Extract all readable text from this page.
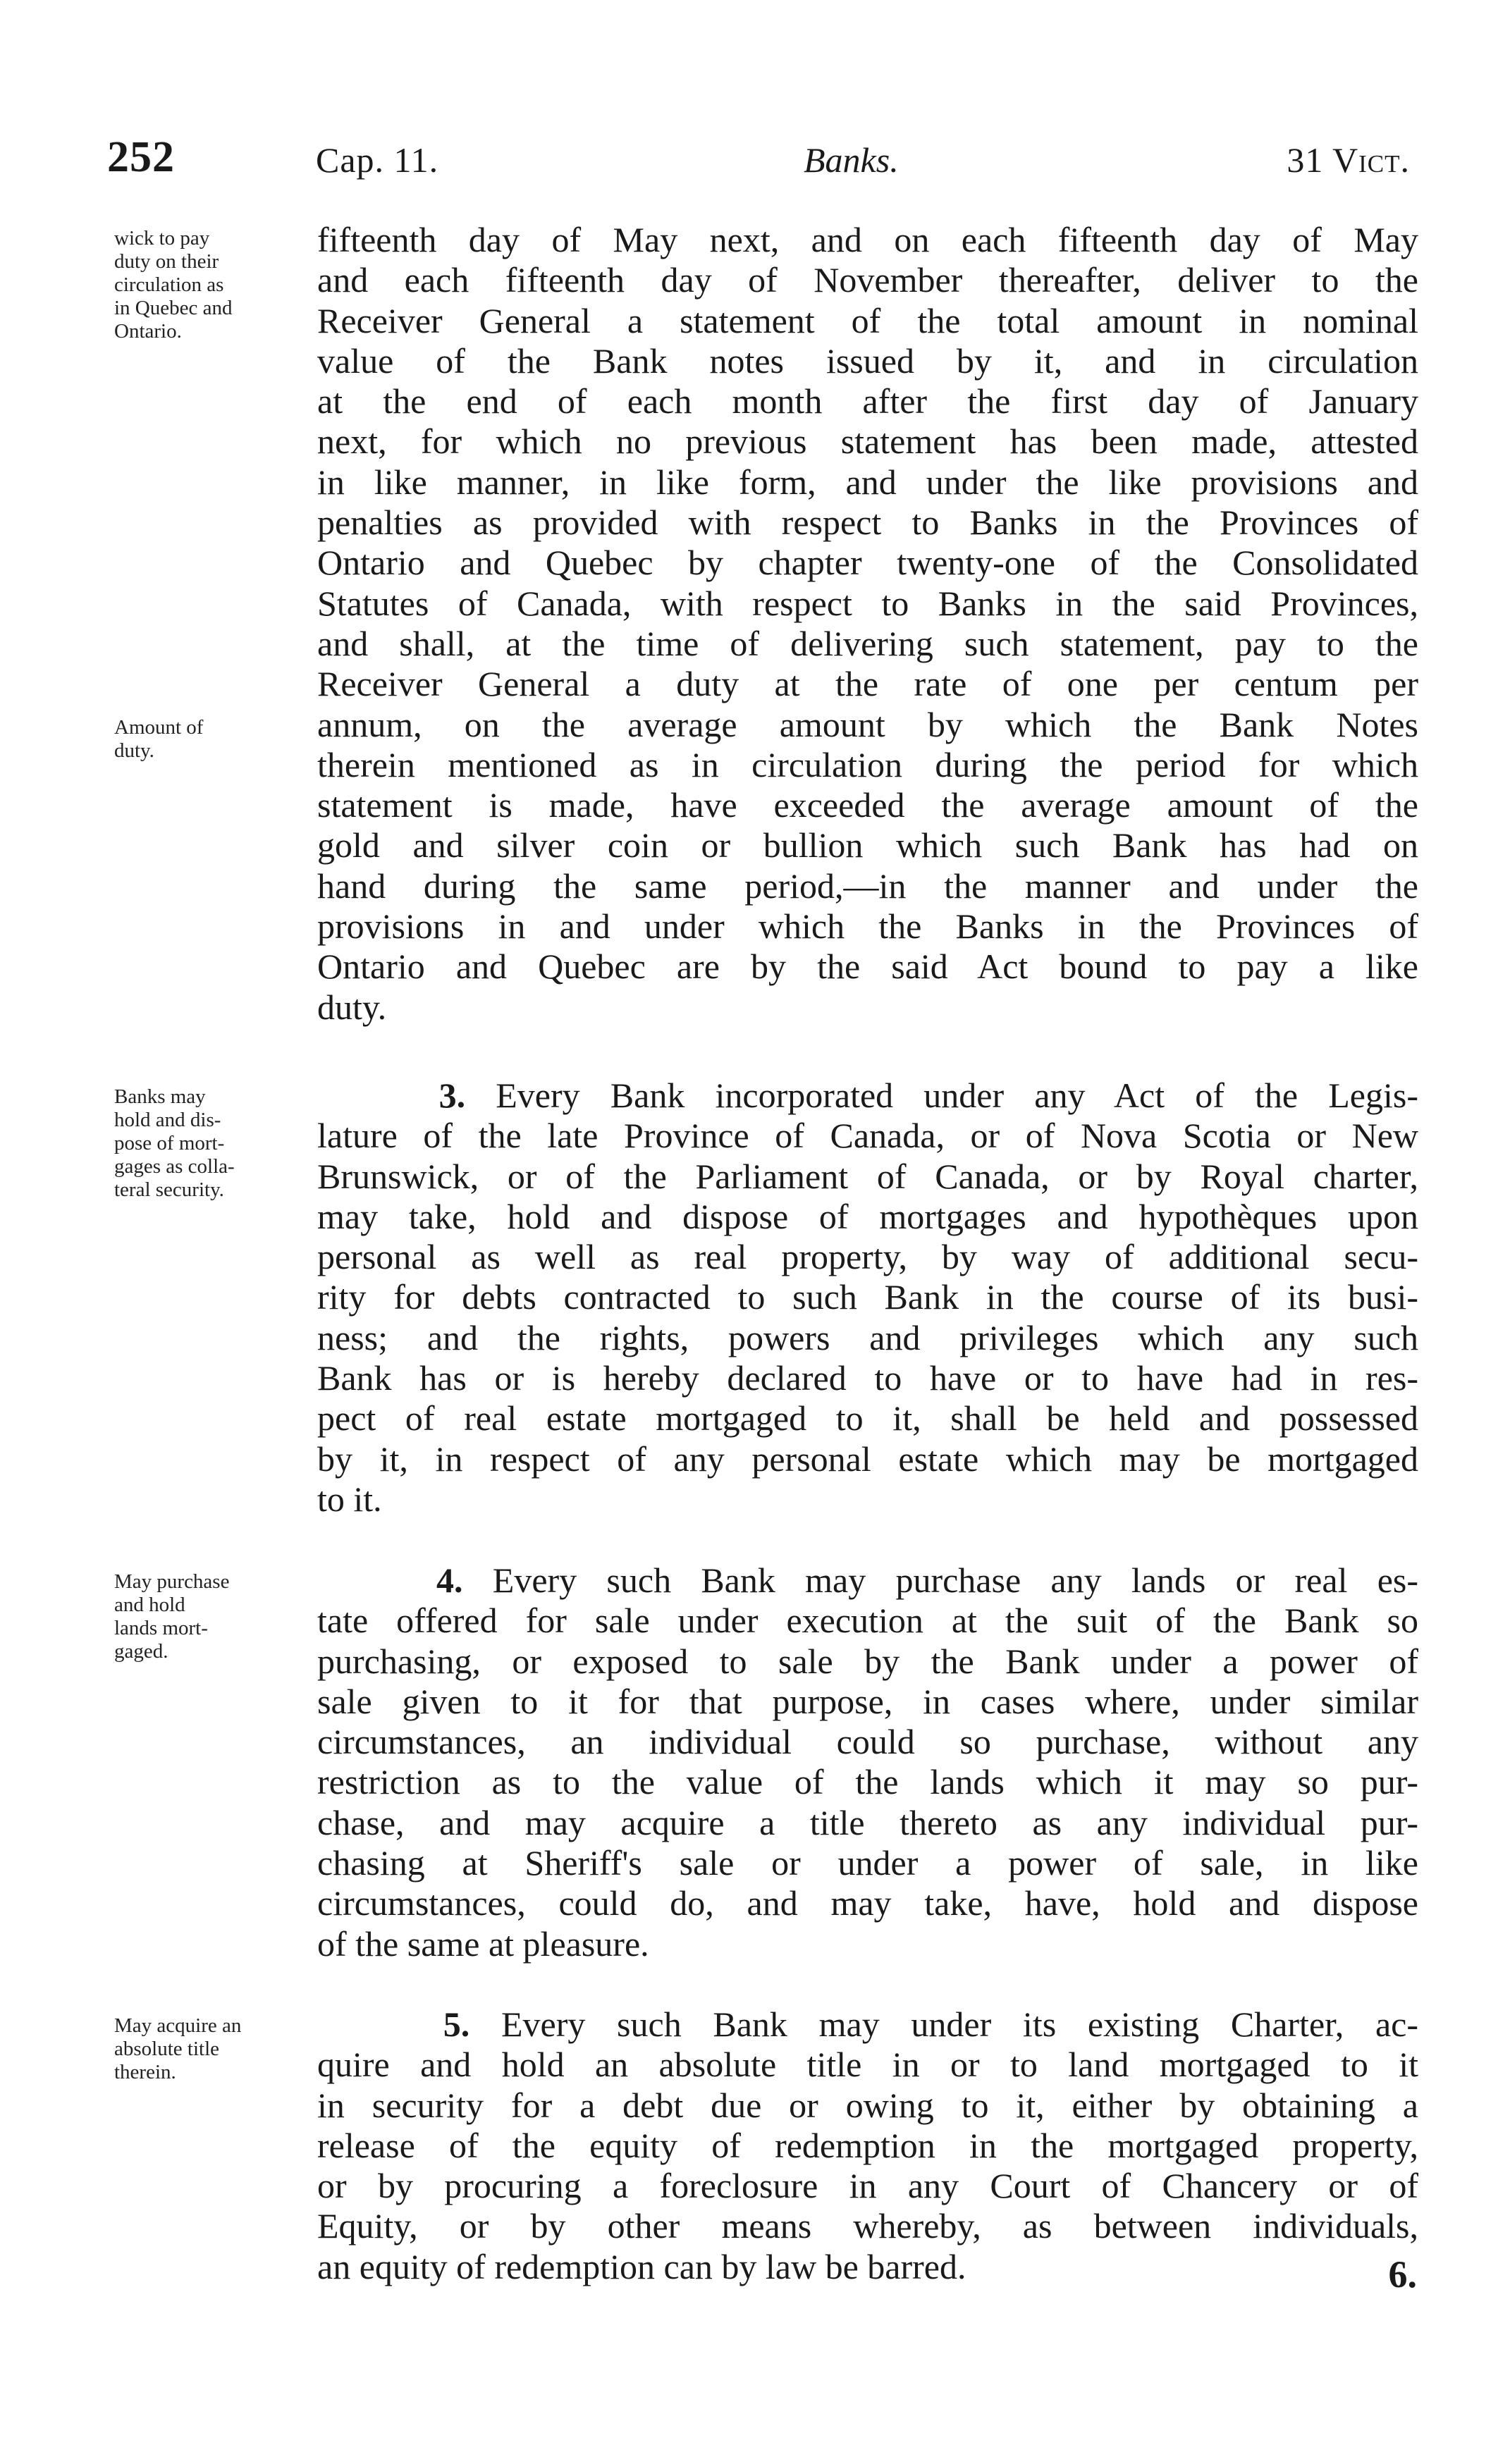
252	Cap. 11.	Banks.	31 Vict.
wick to pay
duty on their
circulation as
in Quebec and
Ontario.
Amount of
duty.
Banks may
hold and dis-
pose of mort-
gages as colla-
teral security.
May purchase
and hold
lands mort-
gaged.
May acquire an
absolute title
therein.
fifteenth day of May next, and on each fifteenth day of May
and each fifteenth day of November thereafter, deliver to the
Receiver General a statement of the total amount in nominal
value of the Bank notes issued by it, and in circulation
at the end of each month after the first day of January
next, for which no previous statement has been made, attested
in like manner, in like form, and under the like provisions and
penalties as provided with respect to Banks in the Provinces of
Ontario and Quebec by chapter twenty-one of the Consolidated
Statutes of Canada, with respect to Banks in the said Provinces,
and shall, at the time of delivering such statement, pay to the
Receiver General a duty at the rate of one per centum per
annum, on the average amount by which the Bank Notes
therein mentioned as in circulation during the period for which
statement is made, have exceeded the average amount of the
gold and silver coin or bullion which such Bank has had on
hand during the same period,—in the manner and under the
provisions in and under which the Banks in the Provinces of
Ontario and Quebec are by the said Act bound to pay a like
duty.
3. Every Bank incorporated under any Act of the Legis-
lature of the late Province of Canada, or of Nova Scotia or New
Brunswick, or of the Parliament of Canada, or by Royal charter,
may take, hold and dispose of mortgages and hypothèques upon
personal as well as real property, by way of additional secu-
rity for debts contracted to such Bank in the course of its busi-
ness; and the rights, powers and privileges which any such
Bank has or is hereby declared to have or to have had in res-
pect of real estate mortgaged to it, shall be held and possessed
by it, in respect of any personal estate which may be mortgaged
to it.
4. Every such Bank may purchase any lands or real es-
tate offered for sale under execution at the suit of the Bank so
purchasing, or exposed to sale by the Bank under a power of
sale given to it for that purpose, in cases where, under similar
circumstances, an individual could so purchase, without any
restriction as to the value of the lands which it may so pur-
chase, and may acquire a title thereto as any individual pur-
chasing at Sheriff's sale or under a power of sale, in like
circumstances, could do, and may take, have, hold and dispose
of the same at pleasure.
5. Every such Bank may under its existing Charter, ac-
quire and hold an absolute title in or to land mortgaged to it
in security for a debt due or owing to it, either by obtaining a
release of the equity of redemption in the mortgaged property,
or by procuring a foreclosure in any Court of Chancery or of
Equity, or by other means whereby, as between individuals,
an equity of redemption can by law be barred.	6.
